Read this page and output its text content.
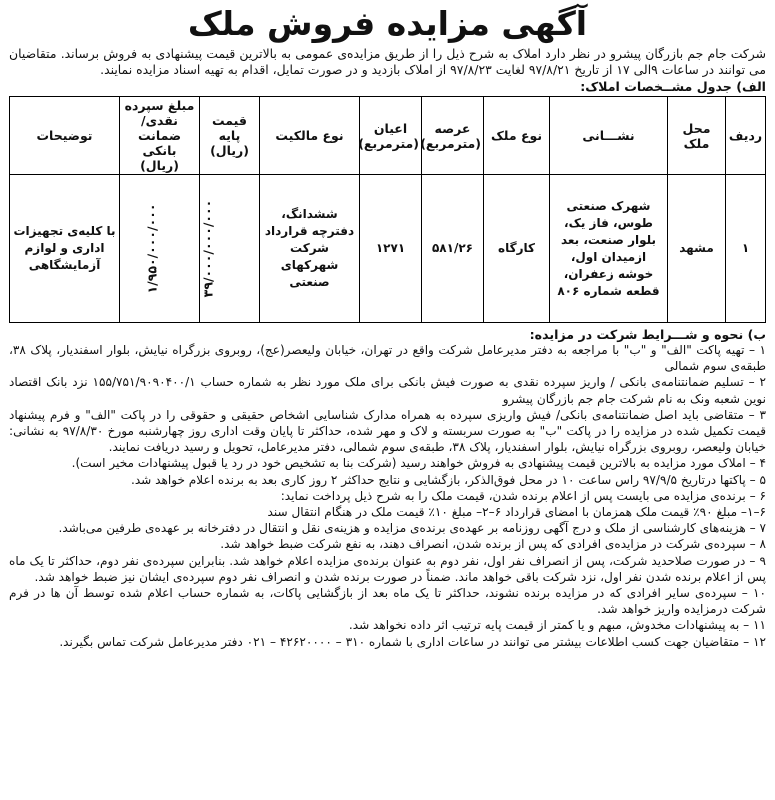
آگهی مزایده فروش ملک

شرکت جام جم بازرگان پیشرو در نظر دارد املاک به شرح ذیل را از طریق مزایده‌ی عمومی به بالاترین قیمت پیشنهادی به فروش برساند. متقاضیان می توانند در ساعات ۹الی ۱۷ از تاریخ ۹۷/۸/۲۱ لغایت ۹۷/۸/۲۳ از املاک بازدید و در صورت تمایل، اقدام به تهیه اسناد مزایده نمایند.

الف) جدول مشــخصات املاک:
ردیف	محل ملک	نشـــانی	نوع ملک	عرصه (مترمربع)	اعیان (مترمربع)	نوع مالکیت	قیمت پایه (ریال)	مبلغ سپرده نقدی/ ضمانت بانکی (ریال)	توضیحات
۱	مشهد	شهرک صنعتی طوس، فاز یک، بلوار صنعت، بعد ازمیدان اول، خوشه زعفران، قطعه شماره ۸۰۶	کارگاه	۵۸۱/۲۶	۱۲۷۱	ششدانگ، دفترچه قرارداد شرکت شهرکهای صنعتی	۳۹/۰۰۰/۰۰۰/۰۰۰	۱/۹۵۰/۰۰۰/۰۰۰	با کلیه‌ی تجهیزات اداری و لوازم آزمایشگاهی
ب) نحوه و شـــرایط شرکت در مزایده:

۱ – تهیه پاکت "الف" و "ب" با مراجعه به دفتر مدیرعامل شرکت واقع در تهران، خیابان ولیعصر(عج)، روبروی بزرگراه نیایش، بلوار اسفندیار، پلاک ۳۸، طبقه‌ی سوم شمالی

۲ – تسلیم ضمانتنامه‌ی بانکی / واریز سپرده نقدی به صورت فیش بانکی برای ملک مورد نظر به شماره حساب ۱۵۵/۷۵۱/۹۰۹۰۴۰۰/۱ نزد بانک اقتصاد نوین شعبه ونک به نام شرکت جام جم بازرگان پیشرو

۳ – متقاضی باید اصل ضمانتنامه‌ی بانکی/ فیش واریزی سپرده به همراه مدارک شناسایی اشخاص حقیقی و حقوقی را در پاکت "الف" و فرم پیشنهاد قیمت تکمیل شده در مزایده را در پاکت "ب" به صورت سربسته و لاک و مهر شده، حداکثر تا پایان وقت اداری روز چهارشنبه مورخ ۹۷/۸/۳۰ به نشانی: خیابان ولیعصر، روبروی بزرگراه نیایش، بلوار اسفندیار، پلاک ۳۸، طبقه‌ی سوم شمالی، دفتر مدیرعامل، تحویل و رسید دریافت نمایند.

۴ – املاک مورد مزایده به بالاترین قیمت پیشنهادی به فروش خواهند رسید (شرکت بنا به تشخیص خود در رد یا قبول پیشنهادات مخیر است).

۵ – پاکتها درتاریخ ۹۷/۹/۵ راس ساعت ۱۰ در محل فوق‌الذکر، بازگشایی و نتایج حداکثر ۲ روز کاری بعد به برنده اعلام خواهد شد.

۶ – برنده‌ی مزایده می بایست پس از اعلام برنده شدن، قیمت ملک را به شرح ذیل پرداخت نماید:

۶–۱– مبلغ ۹۰٪ قیمت ملک همزمان با امضای قرارداد ۶–۲– مبلغ ۱۰٪ قیمت ملک در هنگام انتقال سند

۷ – هزینه‌های کارشناسی از ملک و درج آگهی روزنامه بر عهده‌ی برنده‌ی مزایده و هزینه‌ی نقل و انتقال در دفترخانه بر عهده‌ی طرفین می‌باشد.

۸ – سپرده‌ی شرکت در مزایده‌ی افرادی که پس از برنده شدن، انصراف دهند، به نفع شرکت ضبط خواهد شد.

۹ – در صورت صلاحدید شرکت، پس از انصراف نفر اول، نفر دوم به عنوان برنده‌ی مزایده اعلام خواهد شد. بنابراین سپرده‌ی نفر دوم، حداکثر تا یک ماه پس از اعلام برنده شدن نفر اول، نزد شرکت باقی خواهد ماند. ضمناً در صورت برنده شدن و انصراف نفر دوم سپرده‌ی ایشان نیز ضبط خواهد شد.

۱۰ – سپرده‌ی سایر افرادی که در مزایده برنده نشوند، حداکثر تا یک ماه بعد از بازگشایی پاکات، به شماره حساب اعلام شده توسط آن ها در فرم شرکت درمزایده واریز خواهد شد.

۱۱ – به پیشنهادات مخدوش، مبهم و یا کمتر از قیمت پایه ترتیب اثر داده نخواهد شد.

۱۲ – متقاضیان جهت کسب اطلاعات بیشتر می توانند در ساعات اداری با شماره ۳۱۰ – ۴۲۶۲۰۰۰۰ – ۰۲۱ دفتر مدیرعامل شرکت تماس بگیرند.
